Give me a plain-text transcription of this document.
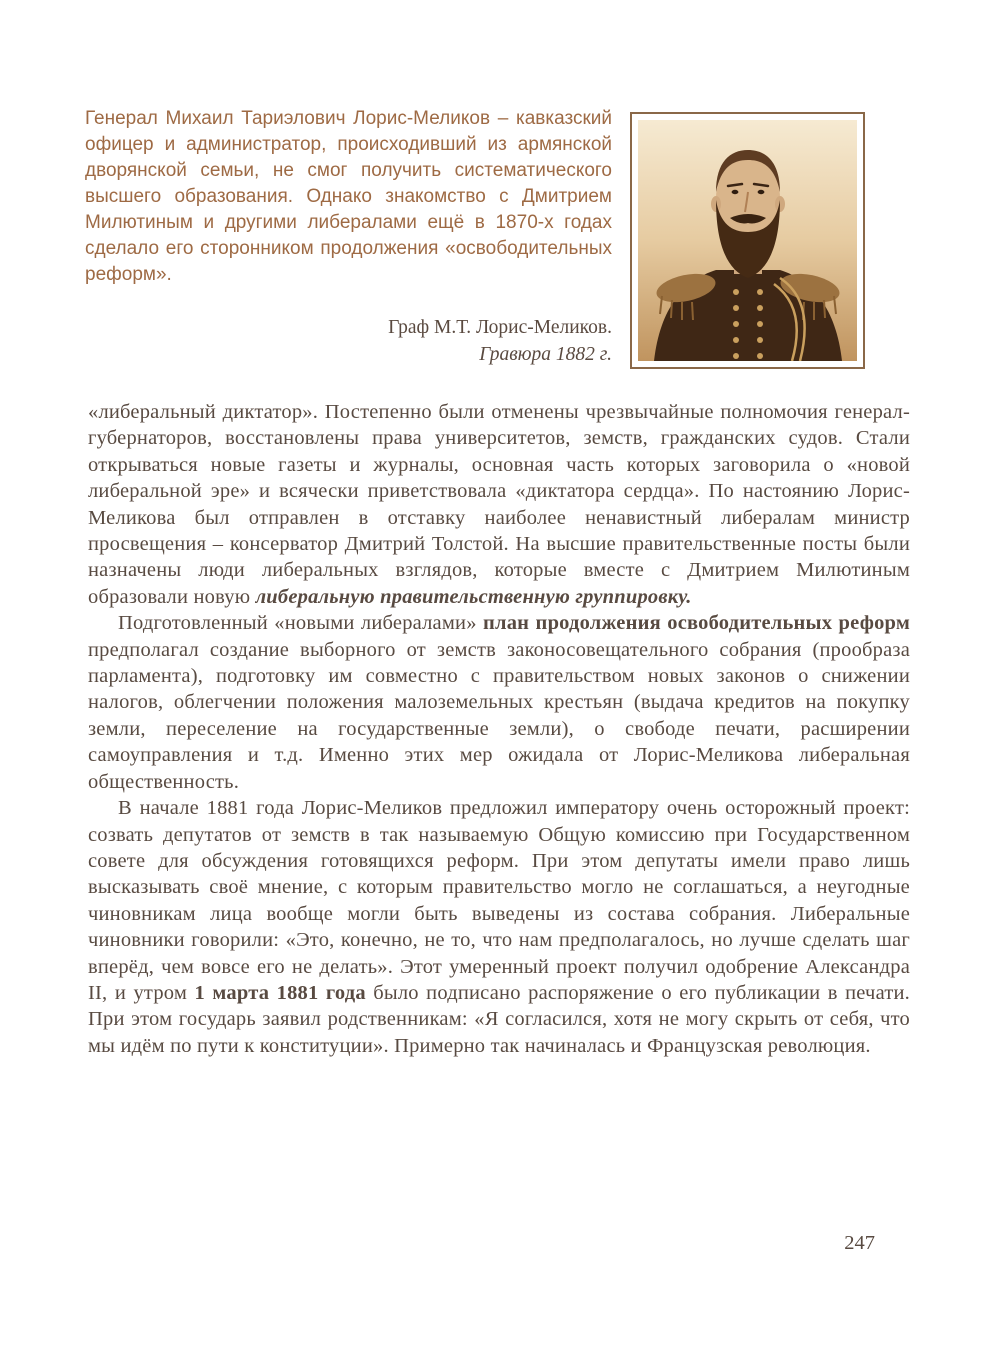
Генерал Михаил Тариэлович Лорис-Меликов – кавказский офицер и администратор, происходивший из армянской дворянской семьи, не смог получить систематического высшего образования. Однако знакомство с Дмитрием Милютиным и другими либералами ещё в 1870-х годах сделало его сторонником продолжения «освободительных реформ».

Граф М.Т. Лорис-Меликов.
Гравюра 1882 г.

«либеральный диктатор». Постепенно были отменены чрезвычайные полномочия генерал-губернаторов, восстановлены права университетов, земств, гражданских судов. Стали открываться новые газеты и журналы, основная часть которых заговорила о «новой либеральной эре» и всячески приветствовала «диктатора сердца». По настоянию Лорис-Меликова был отправлен в отставку наиболее ненавистный либералам министр просвещения – консерватор Дмитрий Толстой. На высшие правительственные посты были назначены люди либеральных взглядов, которые вместе с Дмитрием Милютиным образовали новую либеральную правительственную группировку.

Подготовленный «новыми либералами» план продолжения освободительных реформ предполагал создание выборного от земств законосовещательного собрания (прообраза парламента), подготовку им совместно с правительством новых законов о снижении налогов, облегчении положения малоземельных крестьян (выдача кредитов на покупку земли, переселение на государственные земли), о свободе печати, расширении самоуправления и т.д. Именно этих мер ожидала от Лорис-Меликова либеральная общественность.

В начале 1881 года Лорис-Меликов предложил императору очень осторожный проект: созвать депутатов от земств в так называемую Общую комиссию при Государственном совете для обсуждения готовящихся реформ. При этом депутаты имели право лишь высказывать своё мнение, с которым правительство могло не соглашаться, а неугодные чиновникам лица вообще могли быть выведены из состава собрания. Либеральные чиновники говорили: «Это, конечно, не то, что нам предполагалось, но лучше сделать шаг вперёд, чем вовсе его не делать». Этот умеренный проект получил одобрение Александра II, и утром 1 марта 1881 года было подписано распоряжение о его публикации в печати. При этом государь заявил родственникам: «Я согласился, хотя не могу скрыть от себя, что мы идём по пути к конституции». Примерно так начиналась и Французская революция.

247
